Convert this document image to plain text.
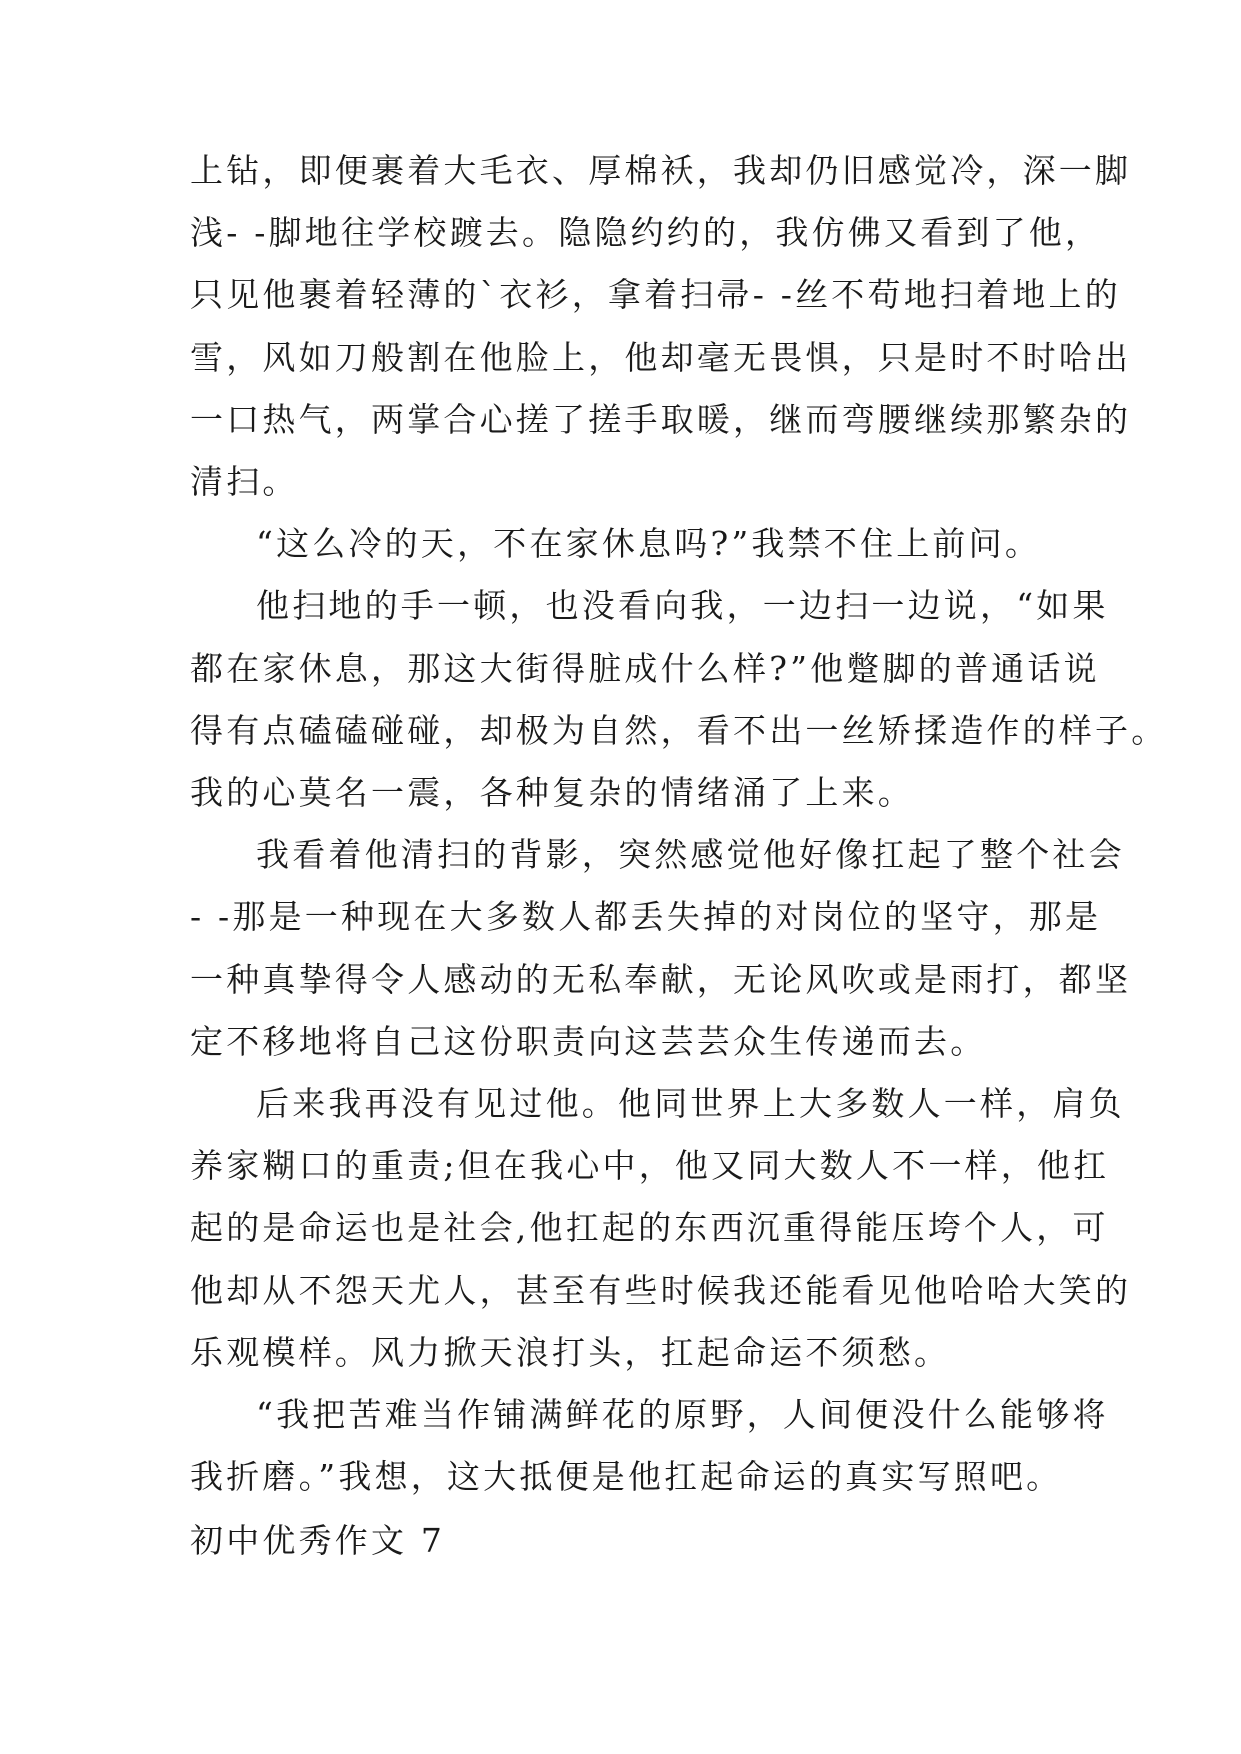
上钻，即便裹着大毛衣、厚棉袄，我却仍旧感觉冷，深一脚
浅- -脚地往学校踱去。隐隐约约的，我仿佛又看到了他，
只见他裹着轻薄的`衣衫，拿着扫帚- -丝不苟地扫着地上的
雪，风如刀般割在他脸上，他却毫无畏惧，只是时不时哈出
一口热气，两掌合心搓了搓手取暖，继而弯腰继续那繁杂的
清扫。
“这么冷的天，不在家休息吗?”我禁不住上前问。
他扫地的手一顿，也没看向我，一边扫一边说，“如果
都在家休息，那这大街得脏成什么样?”他蹩脚的普通话说
得有点磕磕碰碰，却极为自然，看不出一丝矫揉造作的样子。
我的心莫名一震，各种复杂的情绪涌了上来。
我看着他清扫的背影，突然感觉他好像扛起了整个社会
- -那是一种现在大多数人都丢失掉的对岗位的坚守，那是
一种真挚得令人感动的无私奉献，无论风吹或是雨打，都坚
定不移地将自己这份职责向这芸芸众生传递而去。
后来我再没有见过他。他同世界上大多数人一样，肩负
养家糊口的重责;但在我心中，他又同大数人不一样，他扛
起的是命运也是社会,他扛起的东西沉重得能压垮个人，可
他却从不怨天尤人，甚至有些时候我还能看见他哈哈大笑的
乐观模样。风力掀天浪打头，扛起命运不须愁。
“我把苦难当作铺满鲜花的原野，人间便没什么能够将
我折磨。”我想，这大抵便是他扛起命运的真实写照吧。
初中优秀作文 7
